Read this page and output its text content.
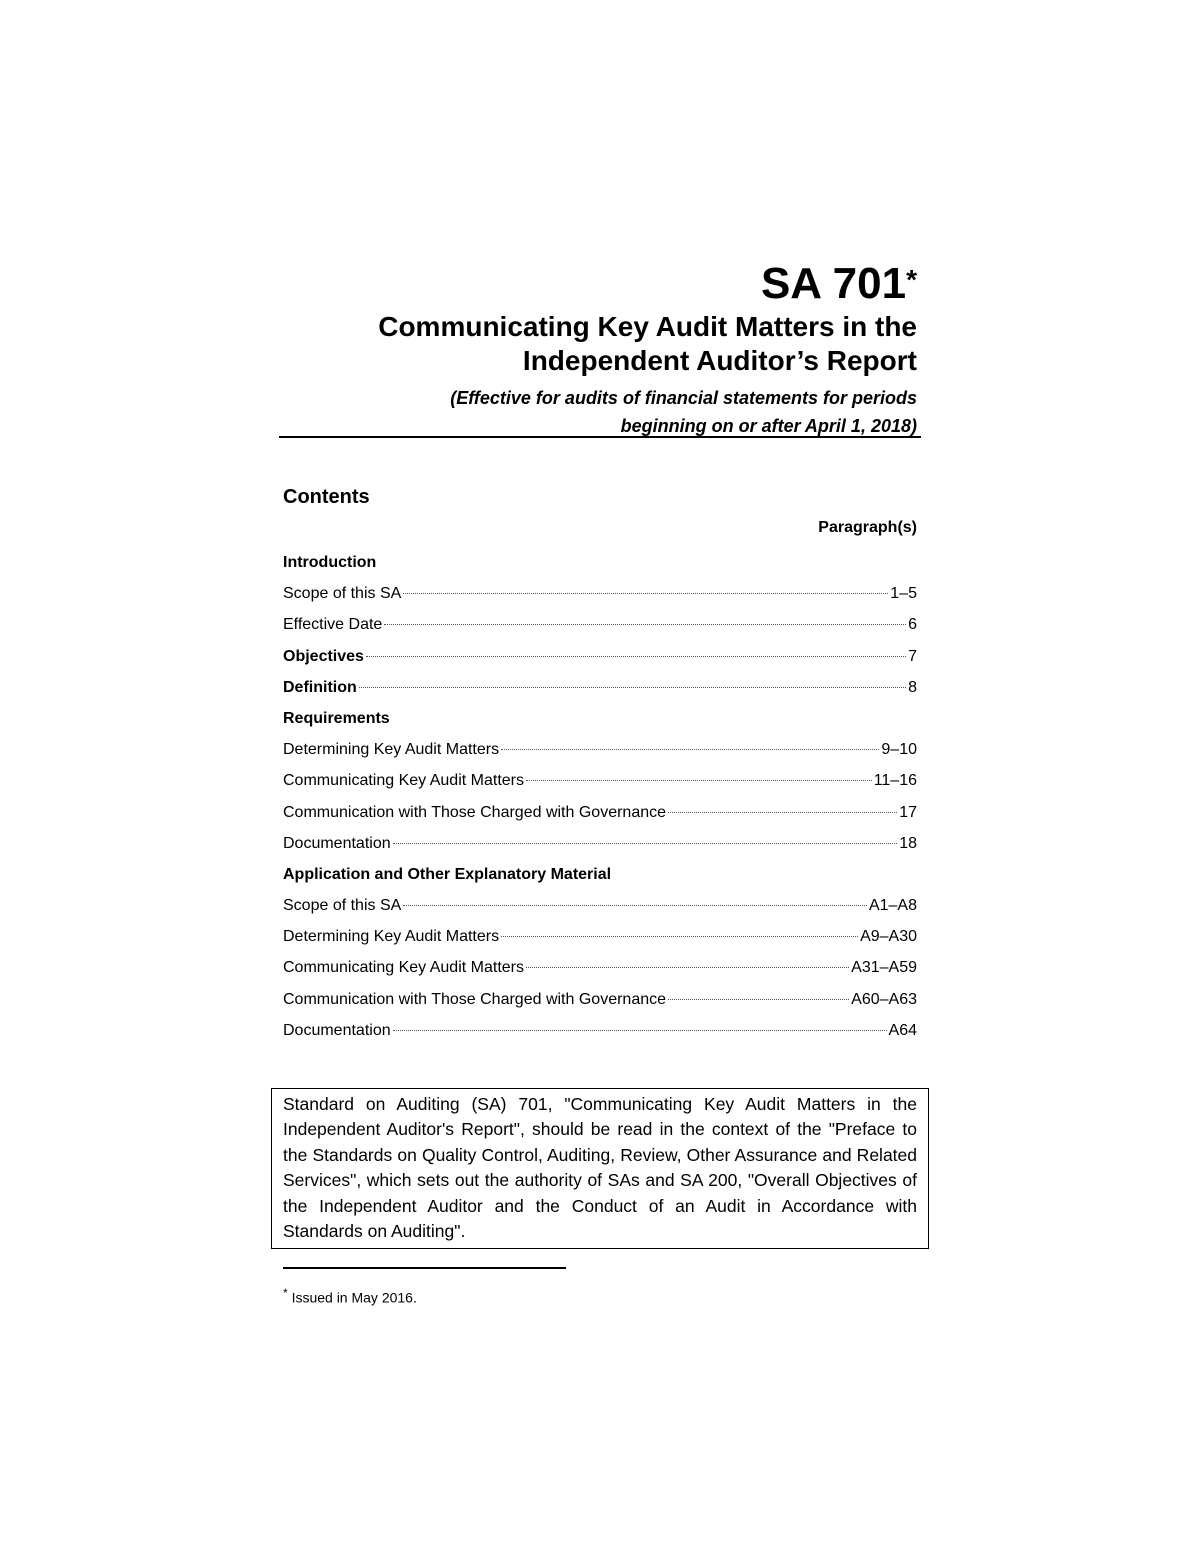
SA 701*
Communicating Key Audit Matters in the
Independent Auditor’s Report
(Effective for audits of financial statements for periods
beginning on or after April 1, 2018)
Contents
Paragraph(s)
Introduction
Scope of this SA	1–5
Effective Date	6
Objectives	7
Definition	8
Requirements
Determining Key Audit Matters	9–10
Communicating Key Audit Matters	11–16
Communication with Those Charged with Governance	17
Documentation	18
Application and Other Explanatory Material
Scope of this SA	A1–A8
Determining Key Audit Matters	A9–A30
Communicating Key Audit Matters	A31–A59
Communication with Those Charged with Governance	A60–A63
Documentation	A64
Standard on Auditing (SA) 701, "Communicating Key Audit Matters in the Independent Auditor's Report", should be read in the context of the "Preface to the Standards on Quality Control, Auditing, Review, Other Assurance and Related Services", which sets out the authority of SAs and SA 200, "Overall Objectives of the Independent Auditor and the Conduct of an Audit in Accordance with Standards on Auditing".
* Issued in May 2016.
